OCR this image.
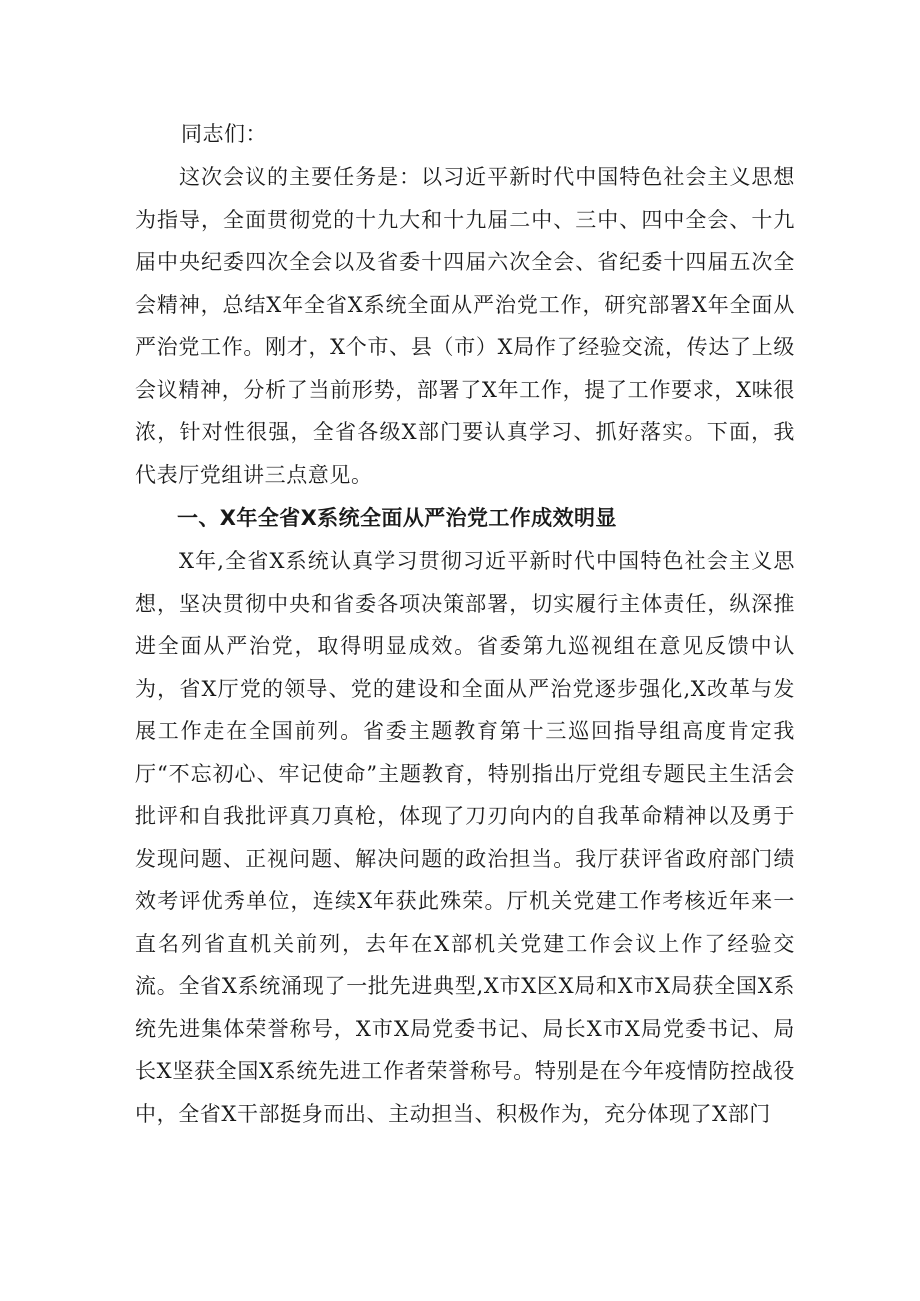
同志们：

这次会议的主要任务是：以习近平新时代中国特色社会主义思想为指导，全面贯彻党的十九大和十九届二中、三中、四中全会、十九届中央纪委四次全会以及省委十四届六次全会、省纪委十四届五次全会精神，总结X年全省X系统全面从严治党工作，研究部署X年全面从严治党工作。刚才，X个市、县（市）X局作了经验交流，传达了上级会议精神，分析了当前形势，部署了X年工作，提了工作要求，X味很浓，针对性很强，全省各级X部门要认真学习、抓好落实。下面，我代表厅党组讲三点意见。

一、X年全省X系统全面从严治党工作成效明显

X年,全省X系统认真学习贯彻习近平新时代中国特色社会主义思想，坚决贯彻中央和省委各项决策部署，切实履行主体责任，纵深推进全面从严治党，取得明显成效。省委第九巡视组在意见反馈中认为，省X厅党的领导、党的建设和全面从严治党逐步强化,X改革与发展工作走在全国前列。省委主题教育第十三巡回指导组高度肯定我厅“不忘初心、牢记使命”主题教育，特别指出厅党组专题民主生活会批评和自我批评真刀真枪，体现了刀刃向内的自我革命精神以及勇于发现问题、正视问题、解决问题的政治担当。我厅获评省政府部门绩效考评优秀单位，连续X年获此殊荣。厅机关党建工作考核近年来一直名列省直机关前列，去年在X部机关党建工作会议上作了经验交流。全省X系统涌现了一批先进典型,X市X区X局和X市X局获全国X系统先进集体荣誉称号，X市X局党委书记、局长X市X局党委书记、局长X坚获全国X系统先进工作者荣誉称号。特别是在今年疫情防控战役中，全省X干部挺身而出、主动担当、积极作为，充分体现了X部门
